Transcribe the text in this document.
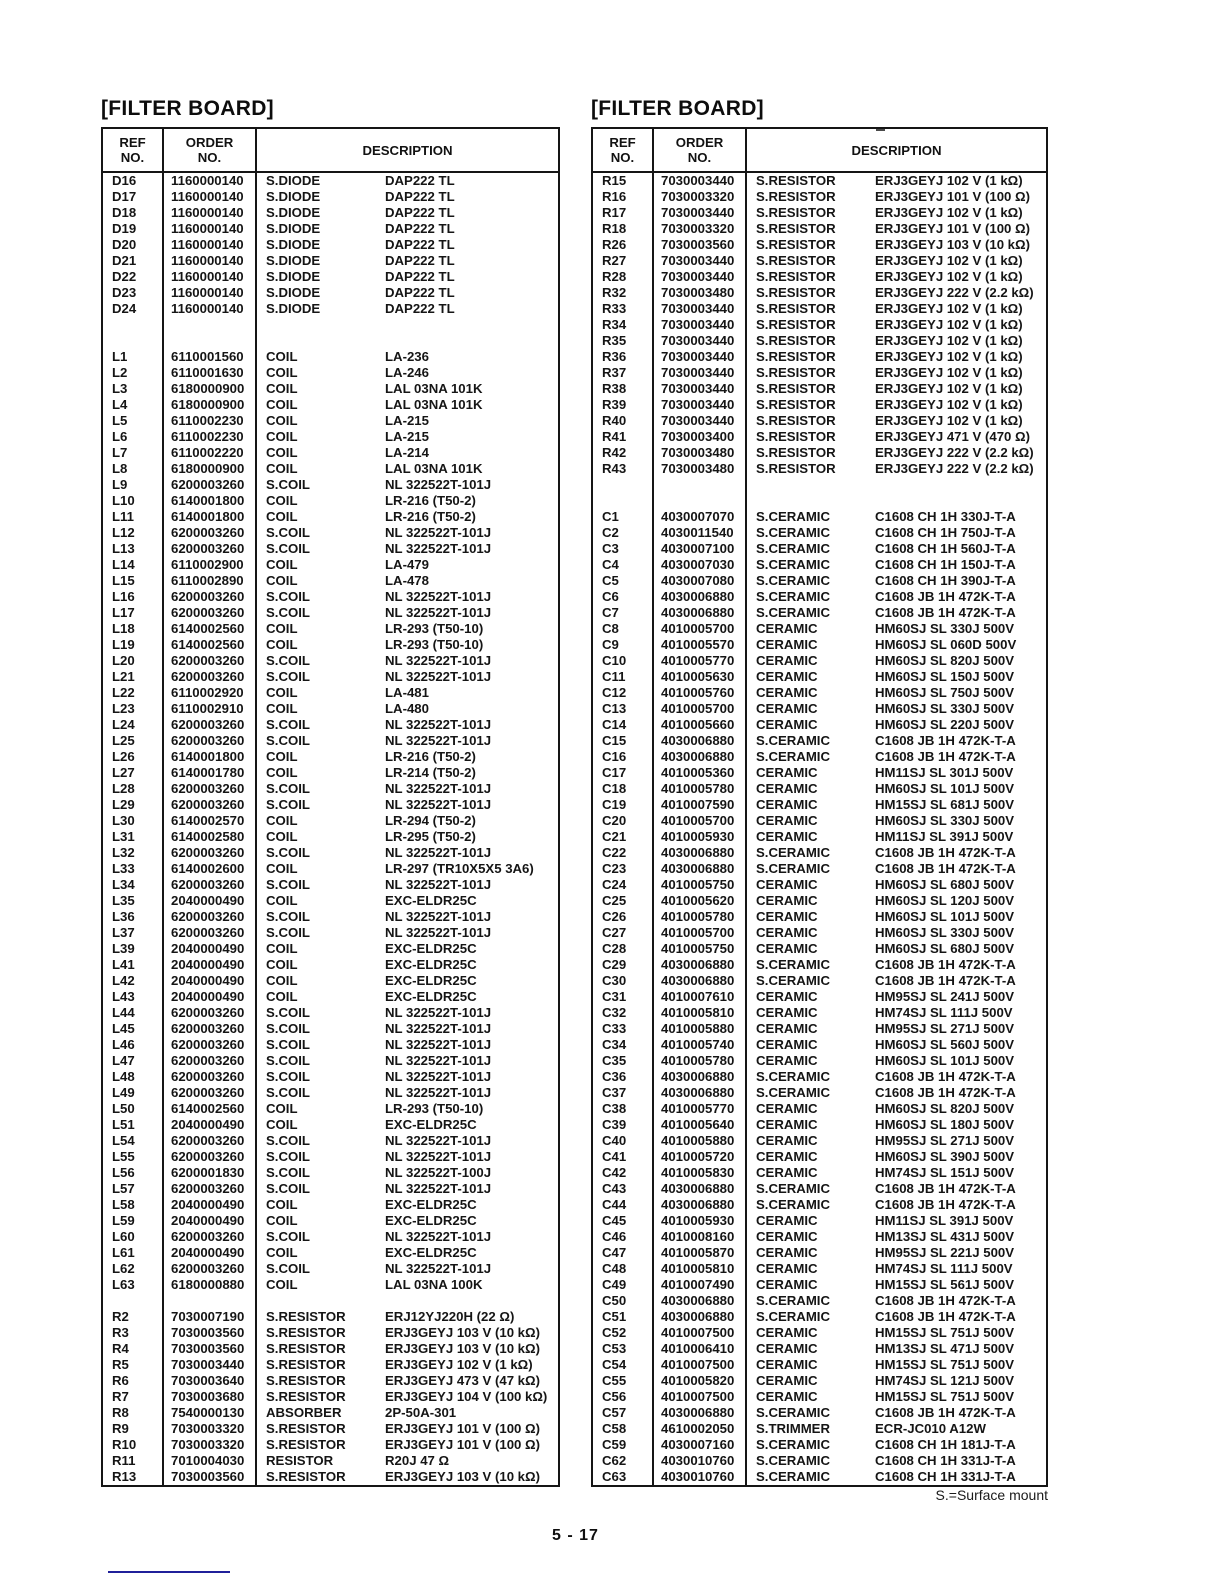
[FILTER BOARD]
REF
NO.
ORDER
NO.	DESCRIPTION
D16	1160000140	S.DIODE	DAP222 TL
D17	1160000140	S.DIODE	DAP222 TL
D18	1160000140	S.DIODE	DAP222 TL
D19	1160000140	S.DIODE	DAP222 TL
D20	1160000140	S.DIODE	DAP222 TL
D21	1160000140	S.DIODE	DAP222 TL
D22	1160000140	S.DIODE	DAP222 TL
D23	1160000140	S.DIODE	DAP222 TL
D24	1160000140	S.DIODE	DAP222 TL
L1	6110001560	COIL	LA-236
L2	6110001630	COIL	LA-246
L3	6180000900	COIL	LAL 03NA 101K
L4	6180000900	COIL	LAL 03NA 101K
L5	6110002230	COIL	LA-215
L6	6110002230	COIL	LA-215
L7	6110002220	COIL	LA-214
L8	6180000900	COIL	LAL 03NA 101K
L9	6200003260	S.COIL	NL 322522T-101J
L10	6140001800	COIL	LR-216 (T50-2)
L11	6140001800	COIL	LR-216 (T50-2)
L12	6200003260	S.COIL	NL 322522T-101J
L13	6200003260	S.COIL	NL 322522T-101J
L14	6110002900	COIL	LA-479
L15	6110002890	COIL	LA-478
L16	6200003260	S.COIL	NL 322522T-101J
L17	6200003260	S.COIL	NL 322522T-101J
L18	6140002560	COIL	LR-293 (T50-10)
L19	6140002560	COIL	LR-293 (T50-10)
L20	6200003260	S.COIL	NL 322522T-101J
L21	6200003260	S.COIL	NL 322522T-101J
L22	6110002920	COIL	LA-481
L23	6110002910	COIL	LA-480
L24	6200003260	S.COIL	NL 322522T-101J
L25	6200003260	S.COIL	NL 322522T-101J
L26	6140001800	COIL	LR-216 (T50-2)
L27	6140001780	COIL	LR-214 (T50-2)
L28	6200003260	S.COIL	NL 322522T-101J
L29	6200003260	S.COIL	NL 322522T-101J
L30	6140002570	COIL	LR-294 (T50-2)
L31	6140002580	COIL	LR-295 (T50-2)
L32	6200003260	S.COIL	NL 322522T-101J
L33	6140002600	COIL	LR-297 (TR10X5X5 3A6)
L34	6200003260	S.COIL	NL 322522T-101J
L35	2040000490	COIL	EXC-ELDR25C
L36	6200003260	S.COIL	NL 322522T-101J
L37	6200003260	S.COIL	NL 322522T-101J
L39	2040000490	COIL	EXC-ELDR25C
L41	2040000490	COIL	EXC-ELDR25C
L42	2040000490	COIL	EXC-ELDR25C
L43	2040000490	COIL	EXC-ELDR25C
L44	6200003260	S.COIL	NL 322522T-101J
L45	6200003260	S.COIL	NL 322522T-101J
L46	6200003260	S.COIL	NL 322522T-101J
L47	6200003260	S.COIL	NL 322522T-101J
L48	6200003260	S.COIL	NL 322522T-101J
L49	6200003260	S.COIL	NL 322522T-101J
L50	6140002560	COIL	LR-293 (T50-10)
L51	2040000490	COIL	EXC-ELDR25C
L54	6200003260	S.COIL	NL 322522T-101J
L55	6200003260	S.COIL	NL 322522T-101J
L56	6200001830	S.COIL	NL 322522T-100J
L57	6200003260	S.COIL	NL 322522T-101J
L58	2040000490	COIL	EXC-ELDR25C
L59	2040000490	COIL	EXC-ELDR25C
L60	6200003260	S.COIL	NL 322522T-101J
L61	2040000490	COIL	EXC-ELDR25C
L62	6200003260	S.COIL	NL 322522T-101J
L63	6180000880	COIL	LAL 03NA 100K
R2	7030007190	S.RESISTOR	ERJ12YJ220H (22 Ω)
R3	7030003560	S.RESISTOR	ERJ3GEYJ 103 V (10 kΩ)
R4	7030003560	S.RESISTOR	ERJ3GEYJ 103 V (10 kΩ)
R5	7030003440	S.RESISTOR	ERJ3GEYJ 102 V (1 kΩ)
R6	7030003640	S.RESISTOR	ERJ3GEYJ 473 V (47 kΩ)
R7	7030003680	S.RESISTOR	ERJ3GEYJ 104 V (100 kΩ)
R8	7540000130	ABSORBER	2P-50A-301
R9	7030003320	S.RESISTOR	ERJ3GEYJ 101 V (100 Ω)
R10	7030003320	S.RESISTOR	ERJ3GEYJ 101 V (100 Ω)
R11	7010004030	RESISTOR	R20J 47 Ω
R13	7030003560	S.RESISTOR	ERJ3GEYJ 103 V (10 kΩ)
[FILTER BOARD]
REF
NO.
ORDER
NO.	DESCRIPTION
R15	7030003440	S.RESISTOR	ERJ3GEYJ 102 V (1 kΩ)
R16	7030003320	S.RESISTOR	ERJ3GEYJ 101 V (100 Ω)
R17	7030003440	S.RESISTOR	ERJ3GEYJ 102 V (1 kΩ)
R18	7030003320	S.RESISTOR	ERJ3GEYJ 101 V (100 Ω)
R26	7030003560	S.RESISTOR	ERJ3GEYJ 103 V (10 kΩ)
R27	7030003440	S.RESISTOR	ERJ3GEYJ 102 V (1 kΩ)
R28	7030003440	S.RESISTOR	ERJ3GEYJ 102 V (1 kΩ)
R32	7030003480	S.RESISTOR	ERJ3GEYJ 222 V (2.2 kΩ)
R33	7030003440	S.RESISTOR	ERJ3GEYJ 102 V (1 kΩ)
R34	7030003440	S.RESISTOR	ERJ3GEYJ 102 V (1 kΩ)
R35	7030003440	S.RESISTOR	ERJ3GEYJ 102 V (1 kΩ)
R36	7030003440	S.RESISTOR	ERJ3GEYJ 102 V (1 kΩ)
R37	7030003440	S.RESISTOR	ERJ3GEYJ 102 V (1 kΩ)
R38	7030003440	S.RESISTOR	ERJ3GEYJ 102 V (1 kΩ)
R39	7030003440	S.RESISTOR	ERJ3GEYJ 102 V (1 kΩ)
R40	7030003440	S.RESISTOR	ERJ3GEYJ 102 V (1 kΩ)
R41	7030003400	S.RESISTOR	ERJ3GEYJ 471 V (470 Ω)
R42	7030003480	S.RESISTOR	ERJ3GEYJ 222 V (2.2 kΩ)
R43	7030003480	S.RESISTOR	ERJ3GEYJ 222 V (2.2 kΩ)
C1	4030007070	S.CERAMIC	C1608 CH 1H 330J-T-A
C2	4030011540	S.CERAMIC	C1608 CH 1H 750J-T-A
C3	4030007100	S.CERAMIC	C1608 CH 1H 560J-T-A
C4	4030007030	S.CERAMIC	C1608 CH 1H 150J-T-A
C5	4030007080	S.CERAMIC	C1608 CH 1H 390J-T-A
C6	4030006880	S.CERAMIC	C1608 JB 1H 472K-T-A
C7	4030006880	S.CERAMIC	C1608 JB 1H 472K-T-A
C8	4010005700	CERAMIC	HM60SJ SL 330J 500V
C9	4010005570	CERAMIC	HM60SJ SL 060D 500V
C10	4010005770	CERAMIC	HM60SJ SL 820J 500V
C11	4010005630	CERAMIC	HM60SJ SL 150J 500V
C12	4010005760	CERAMIC	HM60SJ SL 750J 500V
C13	4010005700	CERAMIC	HM60SJ SL 330J 500V
C14	4010005660	CERAMIC	HM60SJ SL 220J 500V
C15	4030006880	S.CERAMIC	C1608 JB 1H 472K-T-A
C16	4030006880	S.CERAMIC	C1608 JB 1H 472K-T-A
C17	4010005360	CERAMIC	HM11SJ SL 301J 500V
C18	4010005780	CERAMIC	HM60SJ SL 101J 500V
C19	4010007590	CERAMIC	HM15SJ SL 681J 500V
C20	4010005700	CERAMIC	HM60SJ SL 330J 500V
C21	4010005930	CERAMIC	HM11SJ SL 391J 500V
C22	4030006880	S.CERAMIC	C1608 JB 1H 472K-T-A
C23	4030006880	S.CERAMIC	C1608 JB 1H 472K-T-A
C24	4010005750	CERAMIC	HM60SJ SL 680J 500V
C25	4010005620	CERAMIC	HM60SJ SL 120J 500V
C26	4010005780	CERAMIC	HM60SJ SL 101J 500V
C27	4010005700	CERAMIC	HM60SJ SL 330J 500V
C28	4010005750	CERAMIC	HM60SJ SL 680J 500V
C29	4030006880	S.CERAMIC	C1608 JB 1H 472K-T-A
C30	4030006880	S.CERAMIC	C1608 JB 1H 472K-T-A
C31	4010007610	CERAMIC	HM95SJ SL 241J 500V
C32	4010005810	CERAMIC	HM74SJ SL 111J 500V
C33	4010005880	CERAMIC	HM95SJ SL 271J 500V
C34	4010005740	CERAMIC	HM60SJ SL 560J 500V
C35	4010005780	CERAMIC	HM60SJ SL 101J 500V
C36	4030006880	S.CERAMIC	C1608 JB 1H 472K-T-A
C37	4030006880	S.CERAMIC	C1608 JB 1H 472K-T-A
C38	4010005770	CERAMIC	HM60SJ SL 820J 500V
C39	4010005640	CERAMIC	HM60SJ SL 180J 500V
C40	4010005880	CERAMIC	HM95SJ SL 271J 500V
C41	4010005720	CERAMIC	HM60SJ SL 390J 500V
C42	4010005830	CERAMIC	HM74SJ SL 151J 500V
C43	4030006880	S.CERAMIC	C1608 JB 1H 472K-T-A
C44	4030006880	S.CERAMIC	C1608 JB 1H 472K-T-A
C45	4010005930	CERAMIC	HM11SJ SL 391J 500V
C46	4010008160	CERAMIC	HM13SJ SL 431J 500V
C47	4010005870	CERAMIC	HM95SJ SL 221J 500V
C48	4010005810	CERAMIC	HM74SJ SL 111J 500V
C49	4010007490	CERAMIC	HM15SJ SL 561J 500V
C50	4030006880	S.CERAMIC	C1608 JB 1H 472K-T-A
C51	4030006880	S.CERAMIC	C1608 JB 1H 472K-T-A
C52	4010007500	CERAMIC	HM15SJ SL 751J 500V
C53	4010006410	CERAMIC	HM13SJ SL 471J 500V
C54	4010007500	CERAMIC	HM15SJ SL 751J 500V
C55	4010005820	CERAMIC	HM74SJ SL 121J 500V
C56	4010007500	CERAMIC	HM15SJ SL 751J 500V
C57	4030006880	S.CERAMIC	C1608 JB 1H 472K-T-A
C58	4610002050	S.TRIMMER	ECR-JC010 A12W
C59	4030007160	S.CERAMIC	C1608 CH 1H 181J-T-A
C62	4030010760	S.CERAMIC	C1608 CH 1H 331J-T-A
C63	4030010760	S.CERAMIC	C1608 CH 1H 331J-T-A
S.=Surface mount
5 - 17
